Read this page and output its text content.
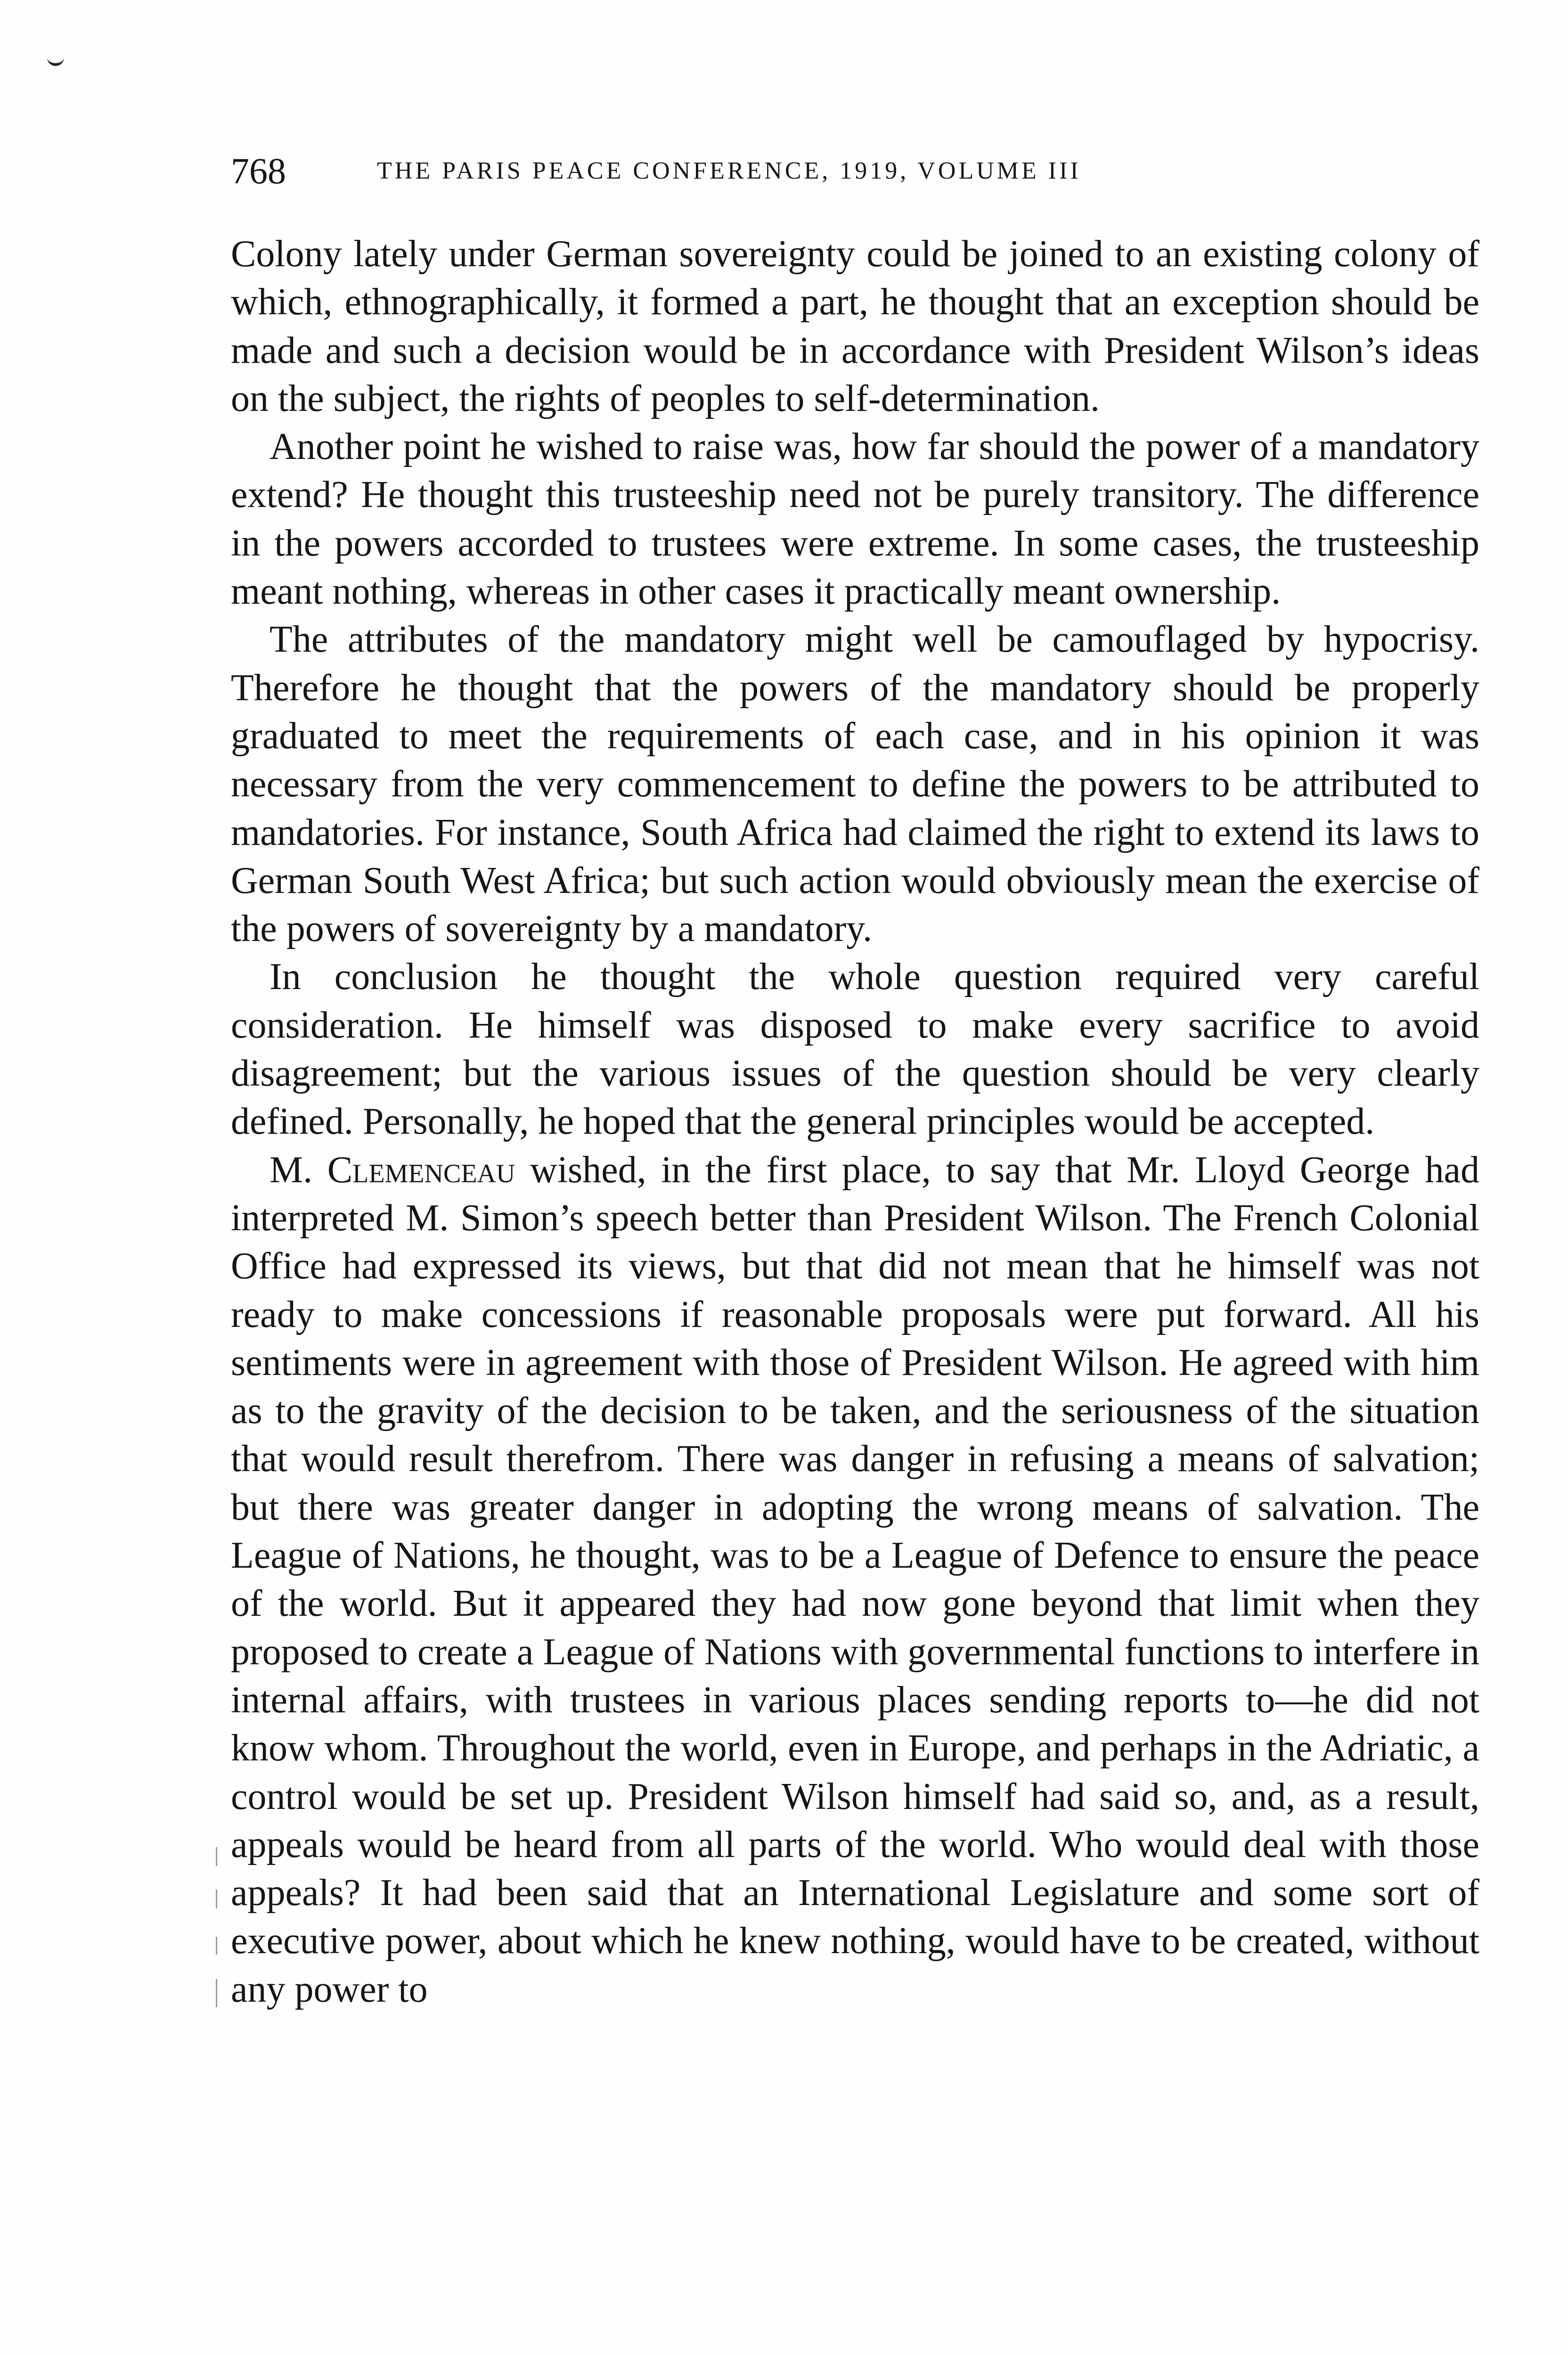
768	THE PARIS PEACE CONFERENCE, 1919, VOLUME III

Colony lately under German sovereignty could be joined to an existing colony of which, ethnographically, it formed a part, he thought that an exception should be made and such a decision would be in accordance with President Wilson’s ideas on the subject, the rights of peoples to self-determination.

Another point he wished to raise was, how far should the power of a mandatory extend? He thought this trusteeship need not be purely transitory. The difference in the powers accorded to trustees were extreme. In some cases, the trusteeship meant nothing, whereas in other cases it practically meant ownership.

The attributes of the mandatory might well be camouflaged by hypocrisy. Therefore he thought that the powers of the mandatory should be properly graduated to meet the requirements of each case, and in his opinion it was necessary from the very commencement to define the powers to be attributed to mandatories. For instance, South Africa had claimed the right to extend its laws to German South West Africa; but such action would obviously mean the exercise of the powers of sovereignty by a mandatory.

In conclusion he thought the whole question required very careful consideration. He himself was disposed to make every sacrifice to avoid disagreement; but the various issues of the question should be very clearly defined. Personally, he hoped that the general principles would be accepted.

M. Clemenceau wished, in the first place, to say that Mr. Lloyd George had interpreted M. Simon’s speech better than President Wilson. The French Colonial Office had expressed its views, but that did not mean that he himself was not ready to make concessions if reasonable proposals were put forward. All his sentiments were in agreement with those of President Wilson. He agreed with him as to the gravity of the decision to be taken, and the seriousness of the situation that would result therefrom. There was danger in refusing a means of salvation; but there was greater danger in adopting the wrong means of salvation. The League of Nations, he thought, was to be a League of Defence to ensure the peace of the world. But it appeared they had now gone beyond that limit when they proposed to create a League of Nations with governmental functions to interfere in internal affairs, with trustees in various places sending reports to—he did not know whom. Throughout the world, even in Europe, and perhaps in the Adriatic, a control would be set up. President Wilson himself had said so, and, as a result, appeals would be heard from all parts of the world. Who would deal with those appeals? It had been said that an International Legislature and some sort of executive power, about which he knew nothing, would have to be created, without any power to
